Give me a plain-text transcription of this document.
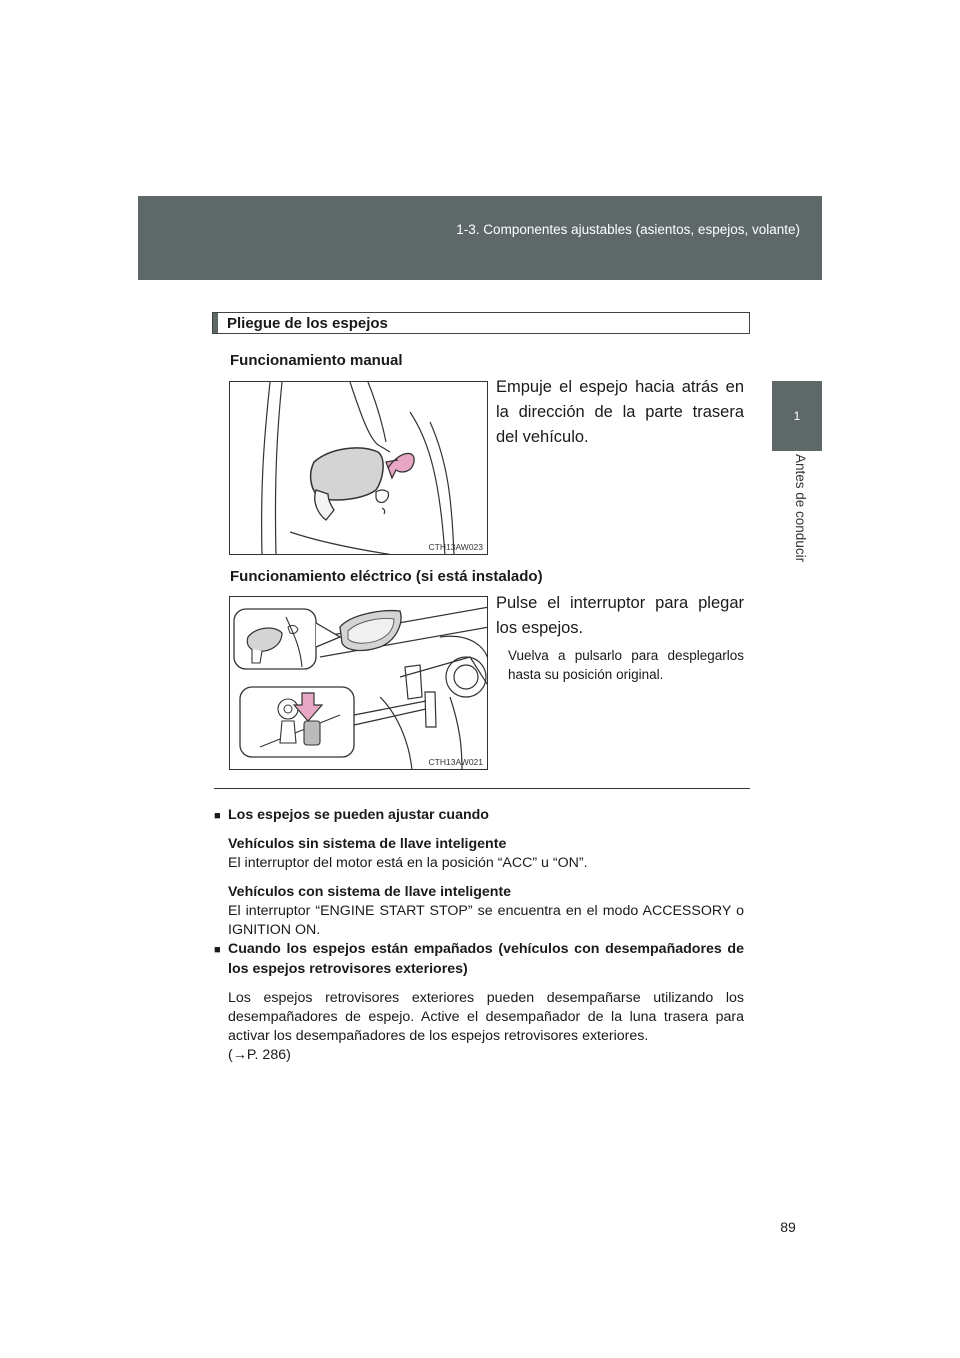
1-3. Componentes ajustables (asientos, espejos, volante)
1
Antes de conducir
Pliegue de los espejos
Funcionamiento manual
CTH13AW023
Empuje el espejo hacia atrás en la dirección de la parte trasera del vehículo.
Funcionamiento eléctrico (si está instalado)
CTH13AW021
Pulse el interruptor para plegar los espejos.
Vuelva a pulsarlo para desplegarlos hasta su posición original.
■ Los espejos se pueden ajustar cuando
Vehículos sin sistema de llave inteligente
El interruptor del motor está en la posición “ACC” u “ON”.
Vehículos con sistema de llave inteligente
El interruptor “ENGINE START STOP” se encuentra en el modo ACCESSORY o IGNITION ON.
■ Cuando los espejos están empañados (vehículos con desempañadores de los espejos retrovisores exteriores)
Los espejos retrovisores exteriores pueden desempañarse utilizando los desempañadores de espejo. Active el desempañador de la luna trasera para activar los desempañadores de los espejos retrovisores exteriores.
(→P. 286)
89
